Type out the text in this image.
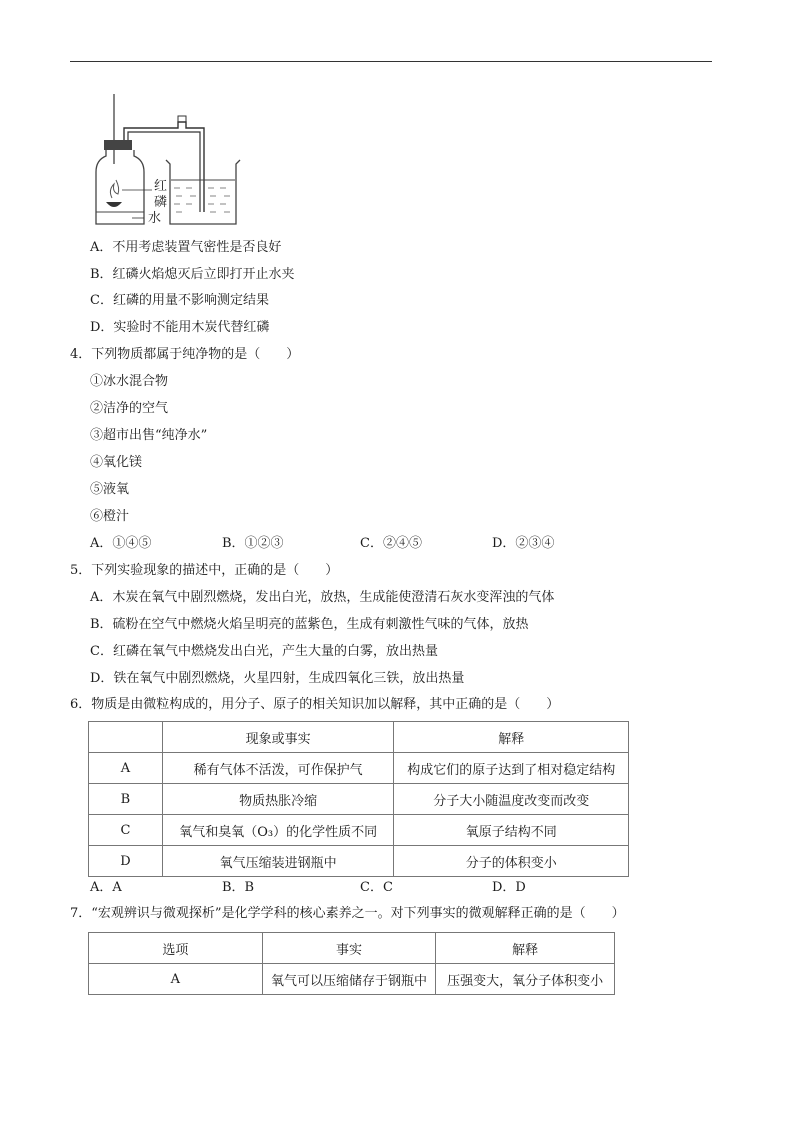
红
磷
水
A．不用考虑装置气密性是否良好
B．红磷火焰熄灭后立即打开止水夹
C．红磷的用量不影响测定结果
D．实验时不能用木炭代替红磷
4．下列物质都属于纯净物的是（　　）
①冰水混合物
②洁净的空气
③超市出售“纯净水”
④氧化镁
⑤液氧
⑥橙汁
A．①④⑤	B．①②③	C．②④⑤	D．②③④
5．下列实验现象的描述中，正确的是（　　）
A．木炭在氧气中剧烈燃烧，发出白光，放热，生成能使澄清石灰水变浑浊的气体
B．硫粉在空气中燃烧火焰呈明亮的蓝紫色，生成有刺激性气味的气体，放热
C．红磷在氧气中燃烧发出白光，产生大量的白雾，放出热量
D．铁在氧气中剧烈燃烧，火星四射，生成四氧化三铁，放出热量
6．物质是由微粒构成的，用分子、原子的相关知识加以解释，其中正确的是（　　）
	现象或事实	解释
A	稀有气体不活泼，可作保护气	构成它们的原子达到了相对稳定结构
B	物质热胀冷缩	分子大小随温度改变而改变
C	氧气和臭氧（O₃）的化学性质不同	氧原子结构不同
D	氧气压缩装进钢瓶中	分子的体积变小
A．A	B．B	C．C	D．D
7．“宏观辨识与微观探析”是化学学科的核心素养之一。对下列事实的微观解释正确的是（　　）
选项	事实	解释
A	氧气可以压缩储存于钢瓶中	压强变大，氧分子体积变小
